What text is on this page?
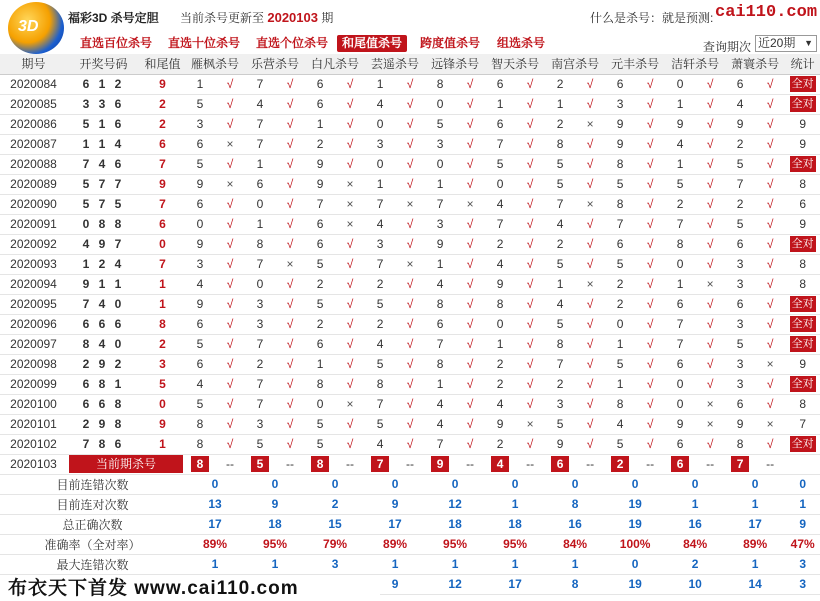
3D 福彩3D 杀号定胆 当前杀号更新至 2020103 期	什么是杀号：就是预测: cai110.com
直选百位杀号	直选十位杀号	直选个位杀号	和尾值杀号	跨度值杀号	组选杀号	查询期次 近20期 ▼
期号	开奖号码	和尾值	雁枫杀号		乐营杀号		白凡杀号		芸遥杀号		远锋杀号		智天杀号		南宫杀号		元丰杀号		洁轩杀号		萧寰杀号		统计
2020084	6 1 2	9	1	√	7	√	6	√	1	√	8	√	6	√	2	√	6	√	0	√	6	√	全对
2020085	3 3 6	2	5	√	4	√	6	√	4	√	0	√	1	√	1	√	3	√	1	√	4	√	全对
2020086	5 1 6	2	3	√	7	√	1	√	0	√	5	√	6	√	2	×	9	√	9	√	9	√	9
2020087	1 1 4	6	6	×	7	√	2	√	3	√	3	√	7	√	8	√	9	√	4	√	2	√	9
2020088	7 4 6	7	5	√	1	√	9	√	0	√	0	√	5	√	5	√	8	√	1	√	5	√	全对
2020089	5 7 7	9	9	×	6	√	9	×	1	√	1	√	0	√	5	√	5	√	5	√	7	√	8
2020090	5 7 5	7	6	√	0	√	7	×	7	×	7	×	4	√	7	×	8	√	2	√	2	√	6
2020091	0 8 8	6	0	√	1	√	6	×	4	√	3	√	7	√	4	√	7	√	7	√	5	√	9
2020092	4 9 7	0	9	√	8	√	6	√	3	√	9	√	2	√	2	√	6	√	8	√	6	√	全对
2020093	1 2 4	7	3	√	7	×	5	√	7	×	1	√	4	√	5	√	5	√	0	√	3	√	8
2020094	9 1 1	1	4	√	0	√	2	√	2	√	4	√	9	√	1	×	2	√	1	×	3	√	8
2020095	7 4 0	1	9	√	3	√	5	√	5	√	8	√	8	√	4	√	2	√	6	√	6	√	全对
2020096	6 6 6	8	6	√	3	√	2	√	2	√	6	√	0	√	5	√	0	√	7	√	3	√	全对
2020097	8 4 0	2	5	√	7	√	6	√	4	√	7	√	1	√	8	√	1	√	7	√	5	√	全对
2020098	2 9 2	3	6	√	2	√	1	√	5	√	8	√	2	√	7	√	5	√	6	√	3	×	9
2020099	6 8 1	5	4	√	7	√	8	√	8	√	1	√	2	√	2	√	1	√	0	√	3	√	全对
2020100	6 6 8	0	5	√	7	√	0	×	7	√	4	√	4	√	3	√	8	√	0	×	6	√	8
2020101	2 9 8	9	8	√	3	√	5	√	5	√	4	√	9	×	5	√	4	√	9	×	9	×	7
2020102	7 8 6	1	8	√	5	√	5	√	4	√	7	√	2	√	9	√	5	√	6	√	8	√	全对
2020103	当前期杀号		8	--	5	--	8	--	7	--	9	--	4	--	6	--	2	--	6	--	7	--	
目前连错次数			0		0		0		0		0		0		0		0		0		0		0
目前连对次数			13		9		2		9		12		1		8		19		1		1		1
总正确次数			17		18		15		17		18		18		16		19		16		17		9
准确率（全对率）			89%		95%		79%		89%		95%		95%		84%		100%		84%		89%		47%
最大连错次数			1		1		3		1		1		1		1		0		2		1		3
									9		12		17		8		19		10		14		3
布衣天下首发 www.cai110.com
